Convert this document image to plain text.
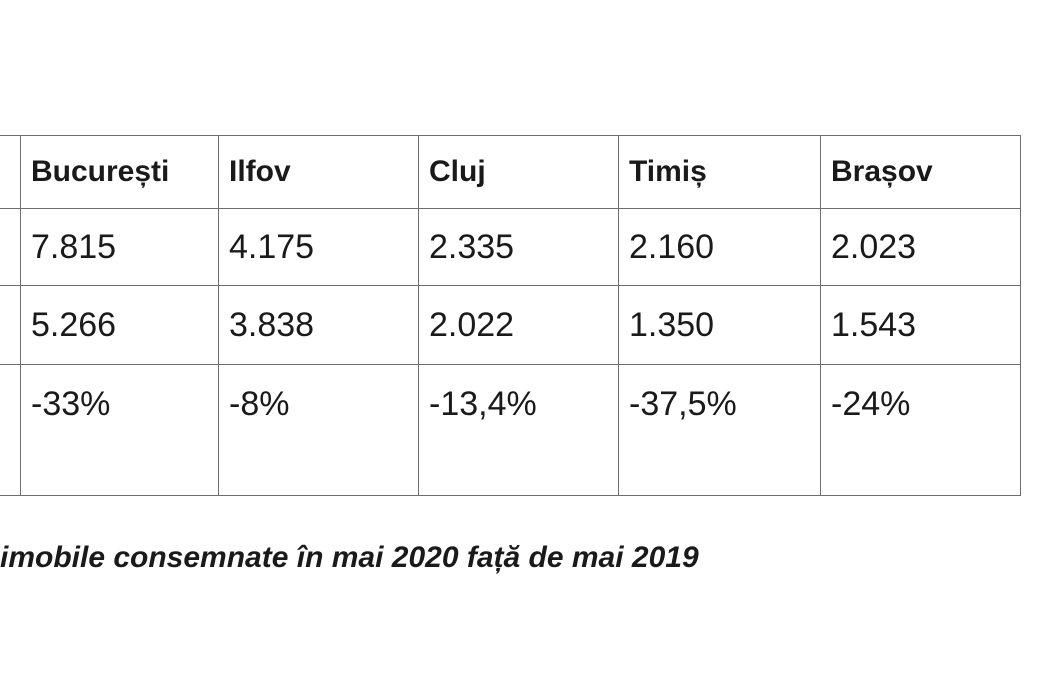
	București	Ilfov	Cluj	Timiș	Brașov
	7.815	4.175	2.335	2.160	2.023
	5.266	3.838	2.022	1.350	1.543
	-33%	-8%	-13,4%	-37,5%	-24%
imobile consemnate în mai 2020 față de mai 2019
